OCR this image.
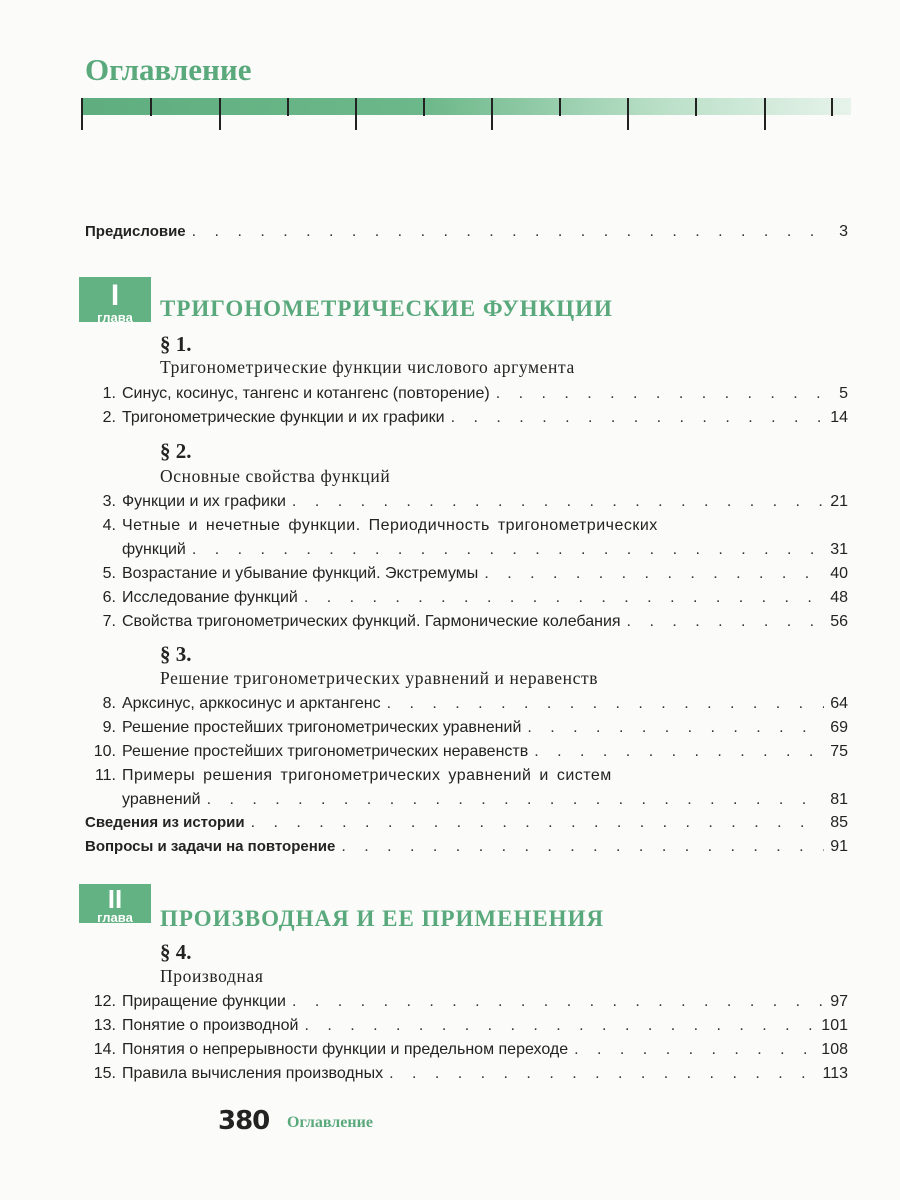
Оглавление
Предисловие . . .	3
I
глава	ТРИГОНОМЕТРИЧЕСКИЕ ФУНКЦИИ
§ 1.
Тригонометрические функции числового аргумента
1. Синус, косинус, тангенс и котангенс (повторение) . . .	5
2. Тригонометрические функции и их графики . . .	14
§ 2.
Основные свойства функций
3. Функции и их графики . . .	21
4. Четные и нечетные функции. Периодичность тригонометрических
функций . . .	31
5. Возрастание и убывание функций. Экстремумы . . .	40
6. Исследование функций . . .	48
7. Свойства тригонометрических функций. Гармонические колебания . . .	56
§ 3.
Решение тригонометрических уравнений и неравенств
8. Арксинус, арккосинус и арктангенс . . .	64
9. Решение простейших тригонометрических уравнений . . .	69
10. Решение простейших тригонометрических неравенств . . .	75
11. Примеры решения тригонометрических уравнений и систем
уравнений . . .	81
Сведения из истории . . .	85
Вопросы и задачи на повторение . . .	91
II
глава	ПРОИЗВОДНАЯ И ЕЕ ПРИМЕНЕНИЯ
§ 4.
Производная
12. Приращение функции . . .	97
13. Понятие о производной . . .	101
14. Понятия о непрерывности функции и предельном переходе . . .	108
15. Правила вычисления производных . . .	113
380 Оглавление
